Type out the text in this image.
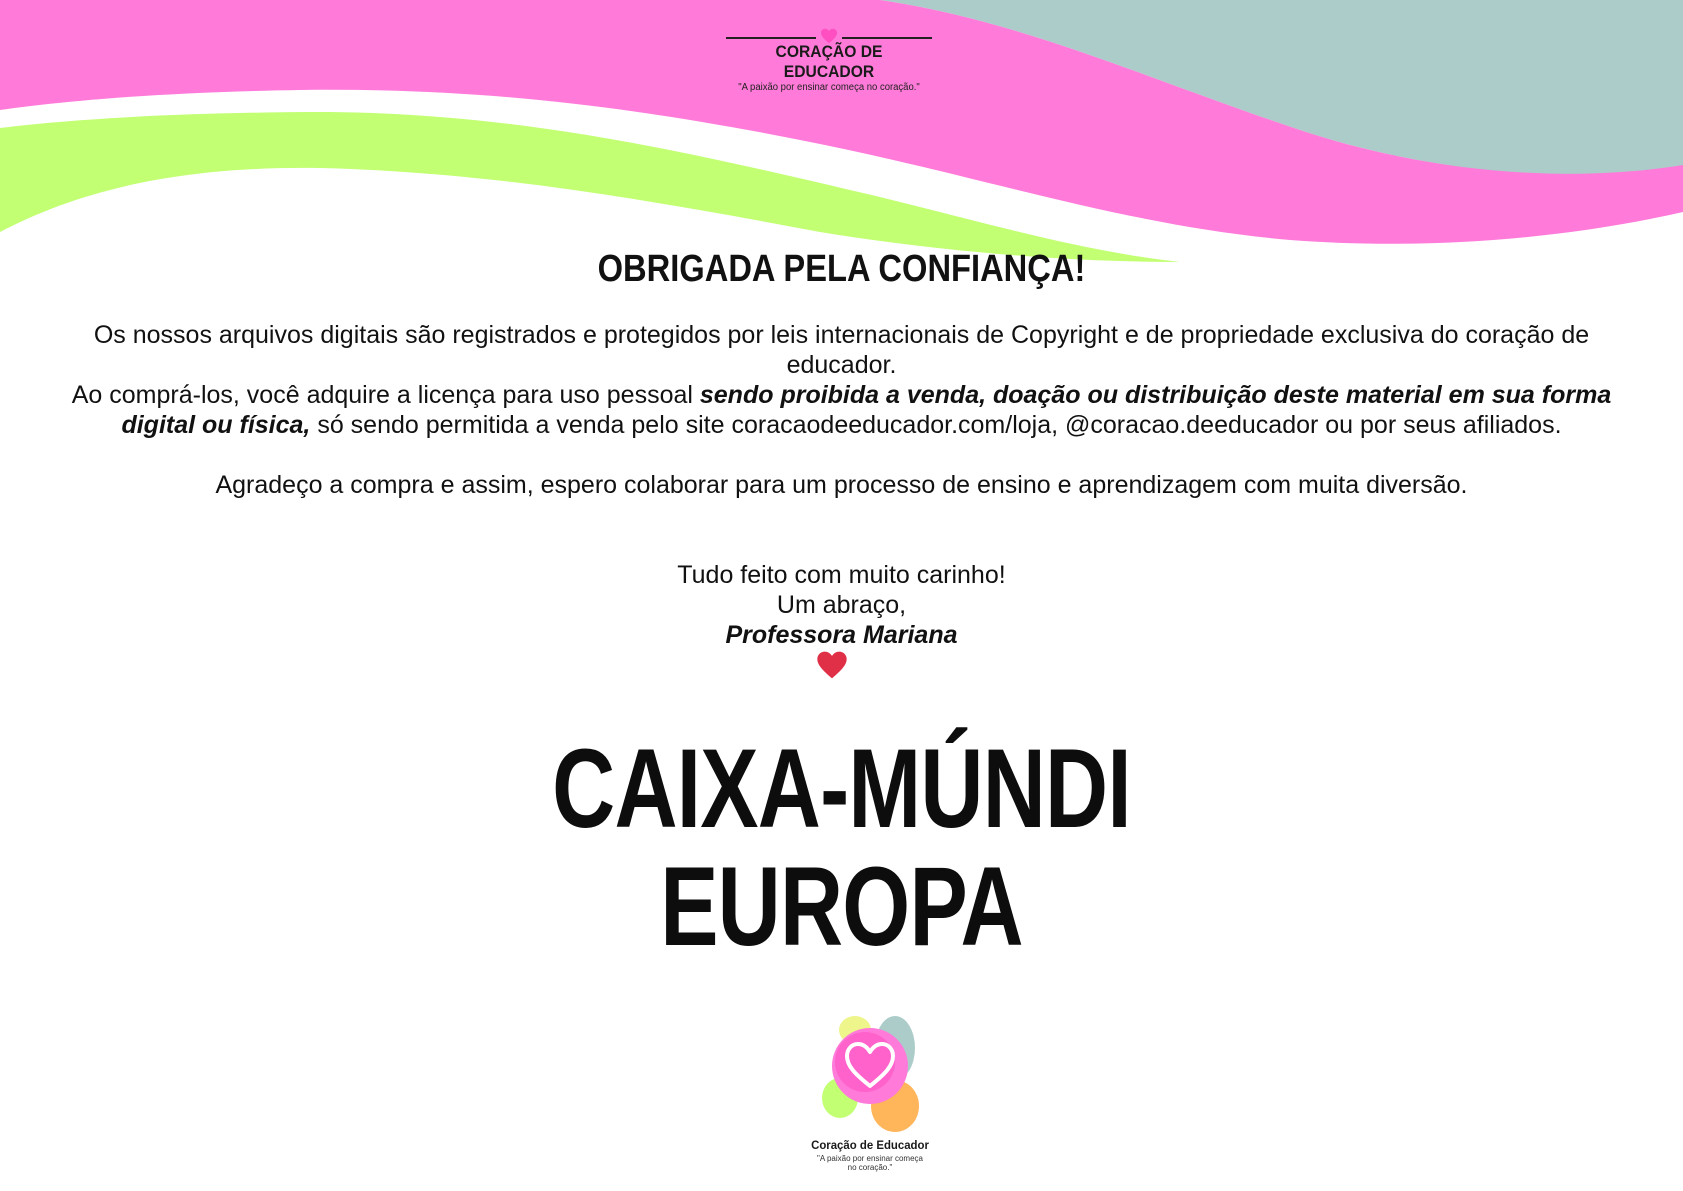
CORAÇÃO DE EDUCADOR
"A paixão por ensinar começa no coração."
OBRIGADA PELA CONFIANÇA!

Os nossos arquivos digitais são registrados e protegidos por leis internacionais de Copyright e de propriedade exclusiva do coração de educador.

Ao comprá-los, você adquire a licença para uso pessoal sendo proibida a venda, doação ou distribuição deste material em sua forma digital ou física, só sendo permitida a venda pelo site coracaodeeducador.com/loja, @coracao.deeducador ou por seus afiliados.

Agradeço a compra e assim, espero colaborar para um processo de ensino e aprendizagem com muita diversão.

Tudo feito com muito carinho!
Um abraço,
Professora Mariana
CAIXA-MÚNDI
EUROPA
Coração de Educador
"A paixão por ensinar começa
no coração."
